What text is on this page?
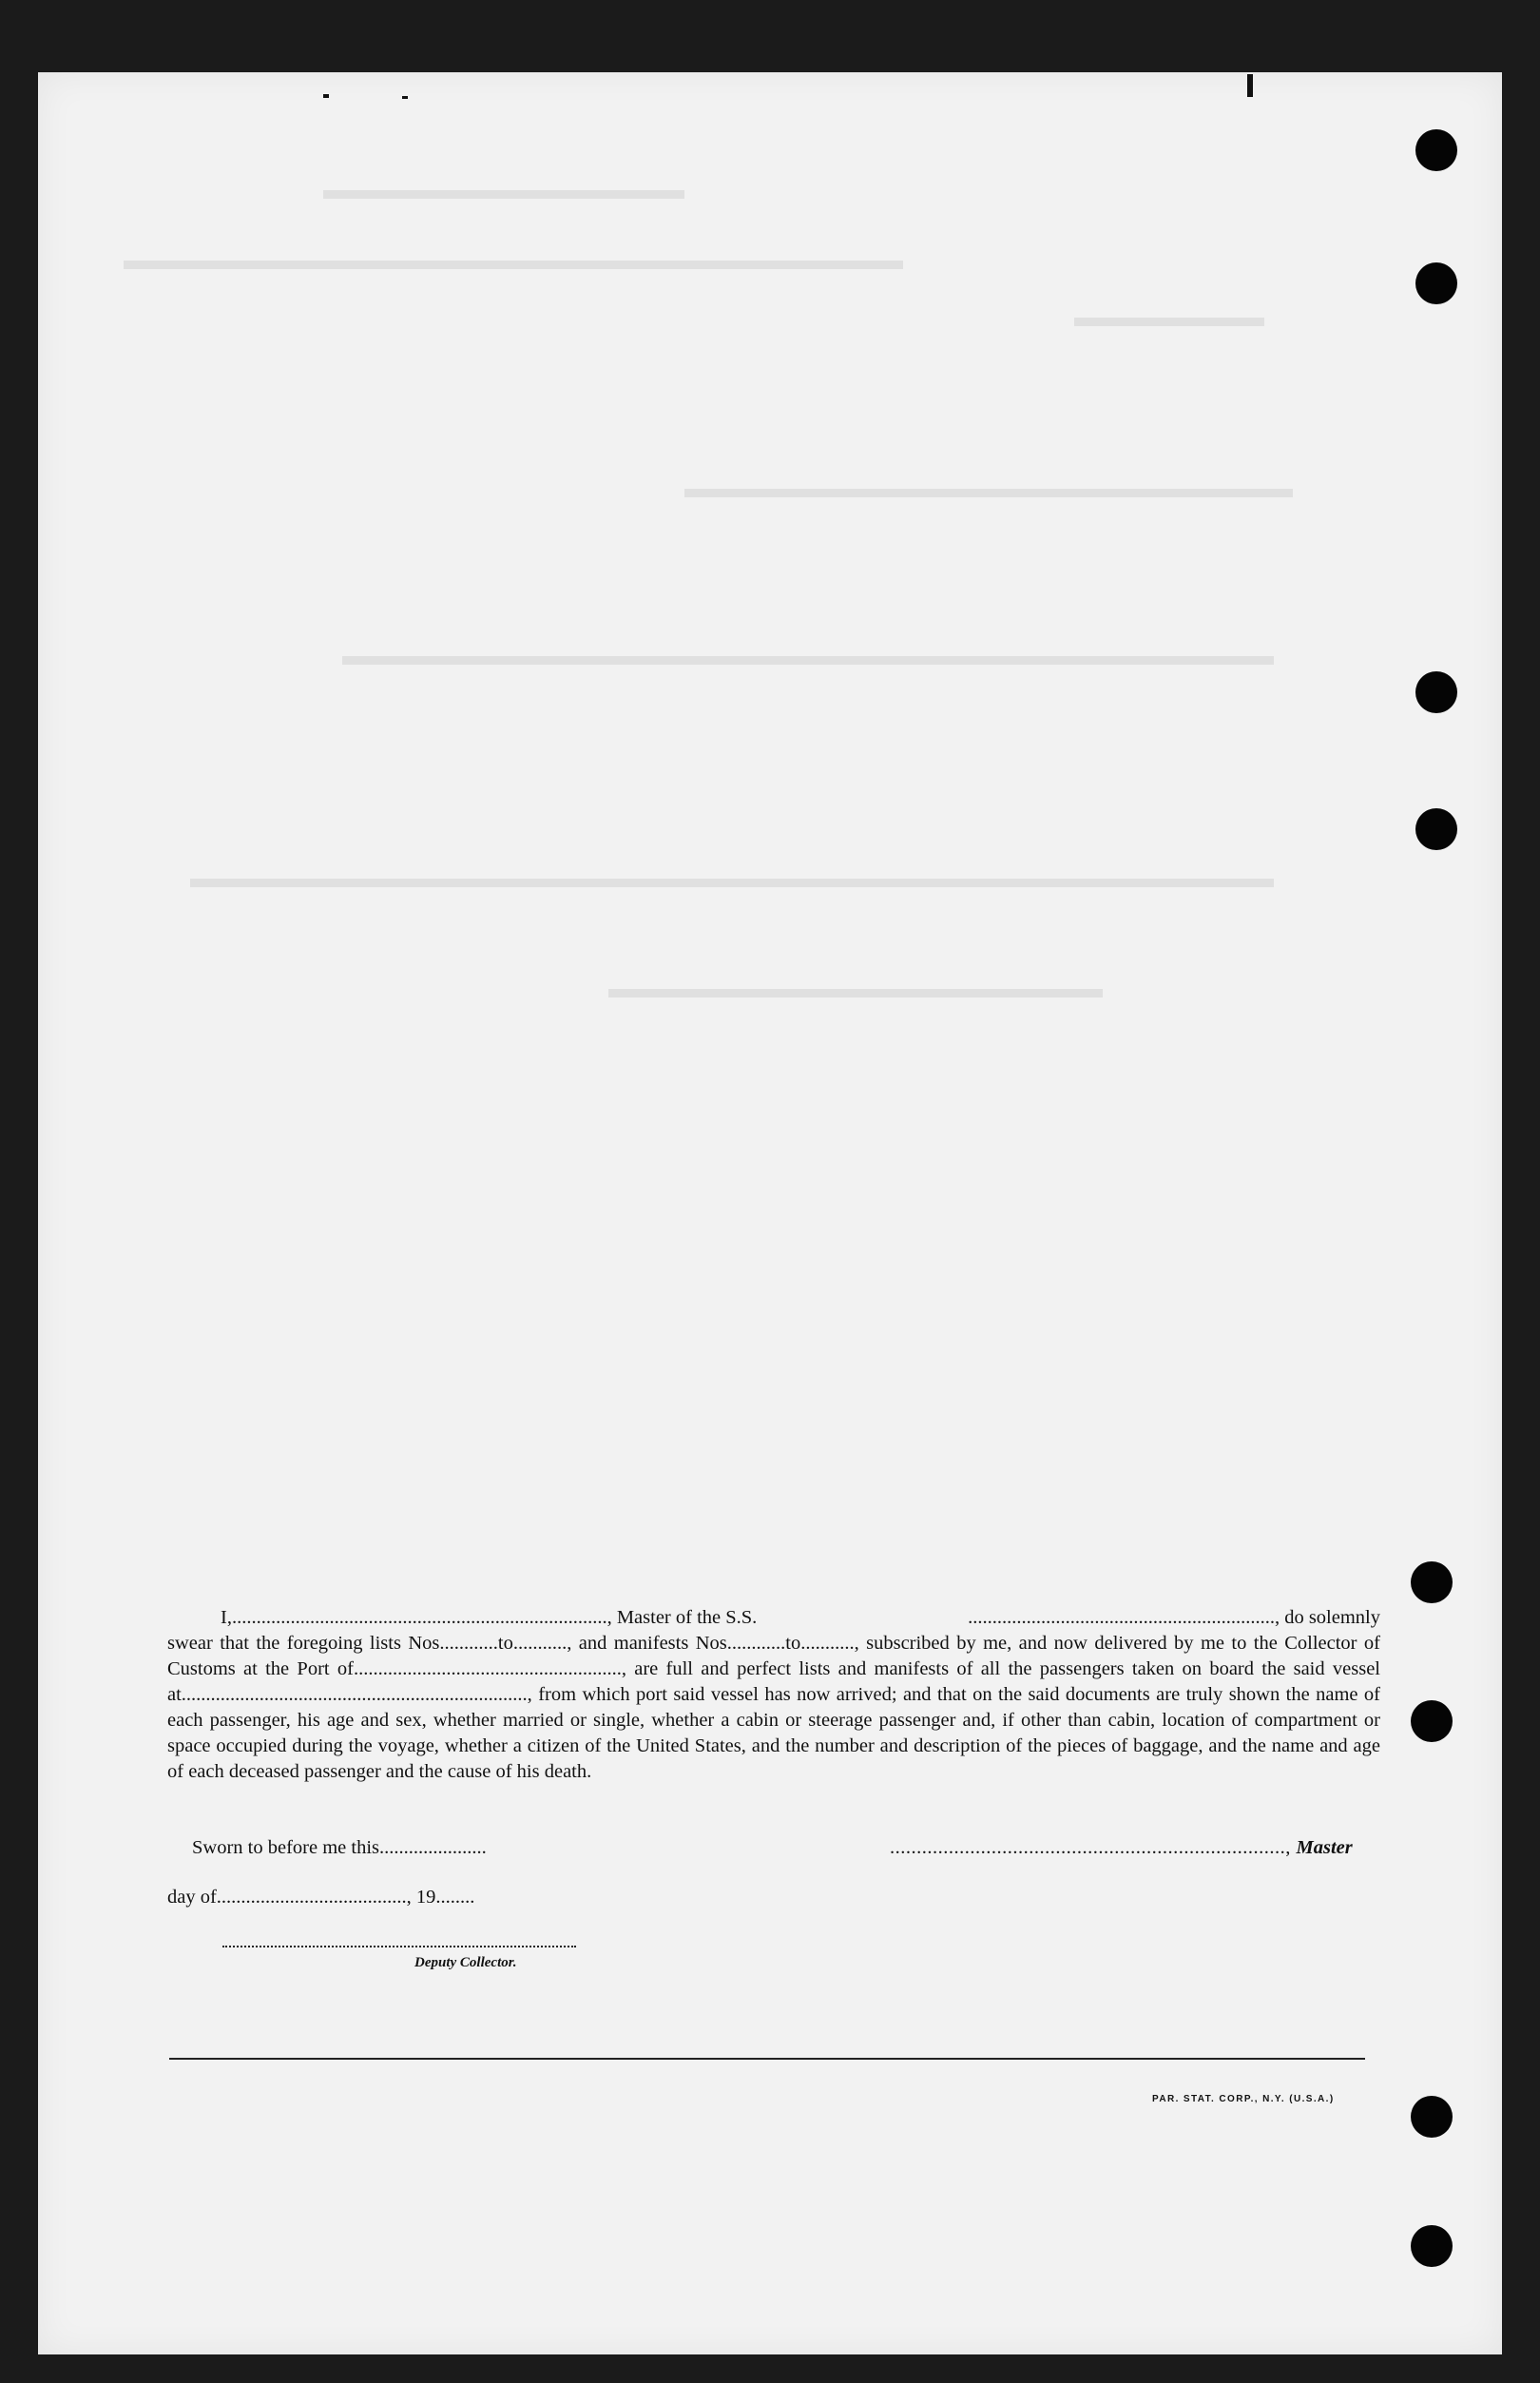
I, ............................................................................., Master of the S.S.	..............................................................., do solemnly
swear that the foregoing lists Nos............to..........., and manifests Nos............to..........., subscribed by me, and now delivered by me to the Collector of Customs at the Port of......................................................., are full and perfect lists and manifests of all the passengers taken on board the said vessel at......................................................................., from which port said vessel has now arrived; and that on the said documents are truly shown the name of each passenger, his age and sex, whether married or single, whether a cabin or steerage passenger and, if other than cabin, location of compartment or space occupied during the voyage, whether a citizen of the United States, and the number and description of the pieces of baggage, and the name and age of each deceased passenger and the cause of his death.
Sworn to before me this......................	.........................................................................., Master
day of......................................., 19........
Deputy Collector.
PAR. STAT. CORP., N.Y. (U.S.A.)
